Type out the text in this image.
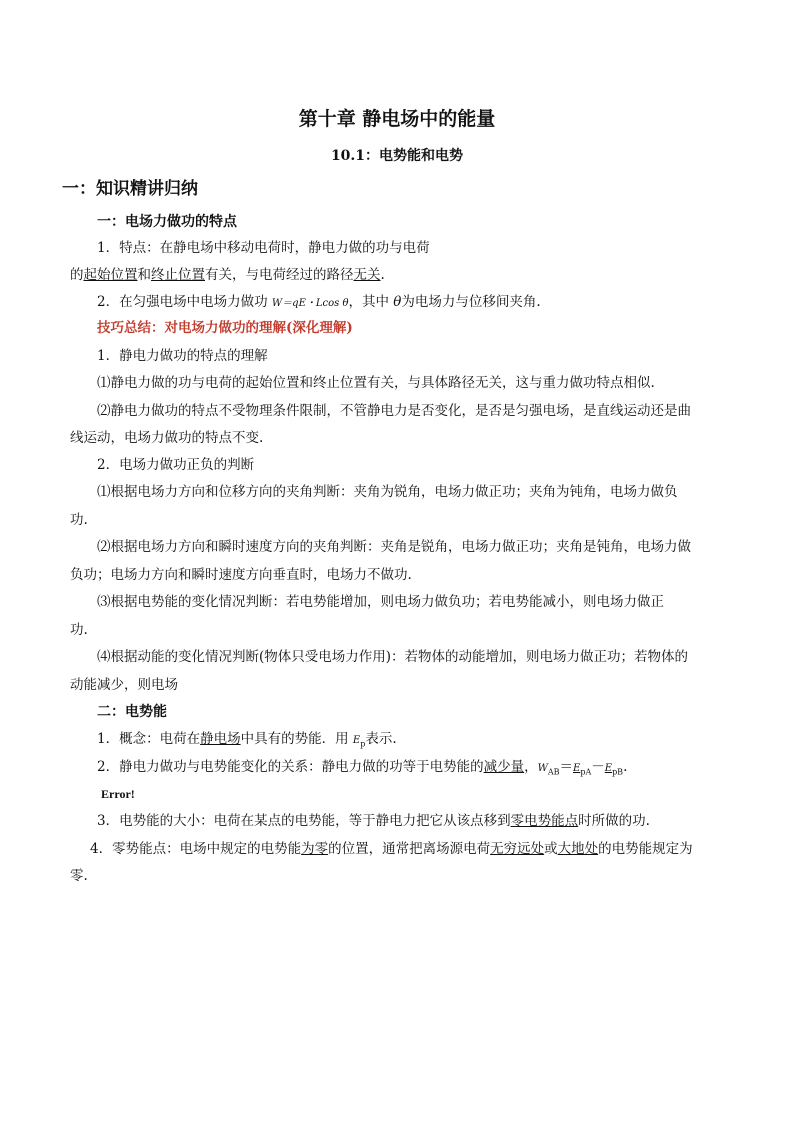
第十章 静电场中的能量
10.1：电势能和电势
一：知识精讲归纳
一：电场力做功的特点
1．特点：在静电场中移动电荷时，静电力做的功与电荷
的起始位置和终止位置有关，与电荷经过的路径无关.
2．在匀强电场中电场力做功 W＝qE・Lcos θ，其中 θ为电场力与位移间夹角.
技巧总结：对电场力做功的理解(深化理解)
1．静电力做功的特点的理解
⑴静电力做的功与电荷的起始位置和终止位置有关，与具体路径无关，这与重力做功特点相似.
⑵静电力做功的特点不受物理条件限制，不管静电力是否变化，是否是匀强电场，是直线运动还是曲
线运动，电场力做功的特点不变.
2．电场力做功正负的判断
⑴根据电场力方向和位移方向的夹角判断：夹角为锐角，电场力做正功；夹角为钝角，电场力做负
功.
⑵根据电场力方向和瞬时速度方向的夹角判断：夹角是锐角，电场力做正功；夹角是钝角，电场力做
负功；电场力方向和瞬时速度方向垂直时，电场力不做功.
⑶根据电势能的变化情况判断：若电势能增加，则电场力做负功；若电势能减小，则电场力做正
功.
⑷根据动能的变化情况判断(物体只受电场力作用)：若物体的动能增加，则电场力做正功；若物体的
动能减少，则电场
二：电势能
1．概念：电荷在静电场中具有的势能．用 $E_p$表示.
2．静电力做功与电势能变化的关系：静电力做的功等于电势能的减少量，$W_{AB}=E_{pA}-E_{pB}$.
Error!
3．电势能的大小：电荷在某点的电势能，等于静电力把它从该点移到零电势能点时所做的功.
4．零势能点：电场中规定的电势能为零的位置，通常把离场源电荷无穷远处或大地处的电势能规定为
零.
